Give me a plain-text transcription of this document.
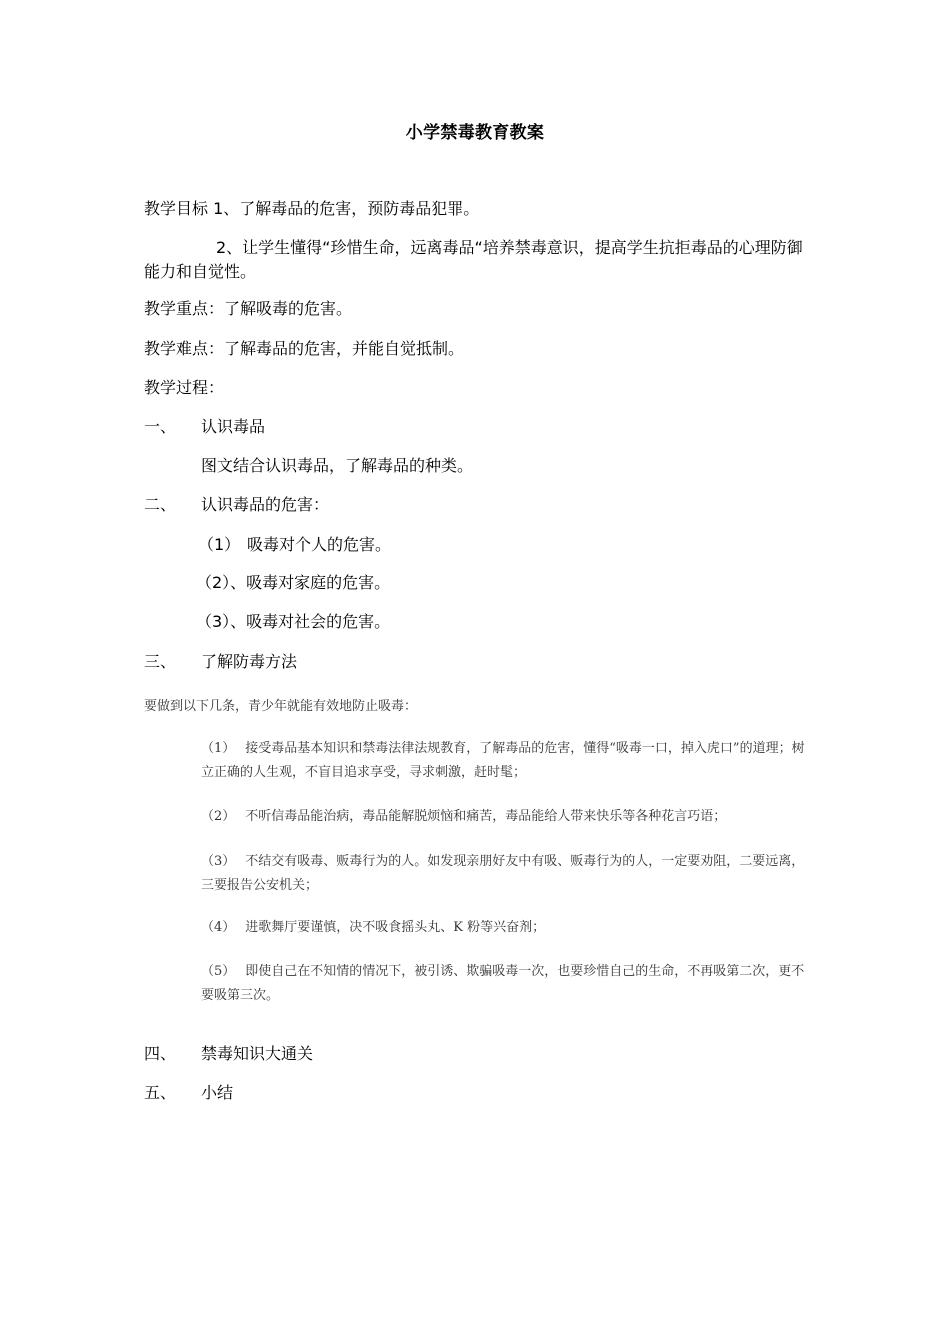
小学禁毒教育教案

教学目标 1、了解毒品的危害，预防毒品犯罪。

2、让学生懂得“珍惜生命，远离毒品“培养禁毒意识，提高学生抗拒毒品的心理防御能力和自觉性。

教学重点：了解吸毒的危害。

教学难点：了解毒品的危害，并能自觉抵制。

教学过程：

一、 认识毒品

图文结合认识毒品，了解毒品的种类。

二、 认识毒品的危害：
（1） 吸毒对个人的危害。

（2）、吸毒对家庭的危害。

（3）、吸毒对社会的危害。

三、 了解防毒方法

要做到以下几条，青少年就能有效地防止吸毒：

（1） 接受毒品基本知识和禁毒法律法规教育，了解毒品的危害，懂得“吸毒一口，掉入虎口”的道理；树立正确的人生观，不盲目追求享受，寻求刺激，赶时髦；
（2） 不听信毒品能治病，毒品能解脱烦恼和痛苦，毒品能给人带来快乐等各种花言巧语；
（3） 不结交有吸毒、贩毒行为的人。如发现亲朋好友中有吸、贩毒行为的人，一定要劝阻，二要远离，三要报告公安机关；
（4） 进歌舞厅要谨慎，决不吸食摇头丸、K 粉等兴奋剂；
（5） 即使自己在不知情的情况下，被引诱、欺骗吸毒一次，也要珍惜自己的生命，不再吸第二次，更不要吸第三次。
四、 禁毒知识大通关
五、 小结
